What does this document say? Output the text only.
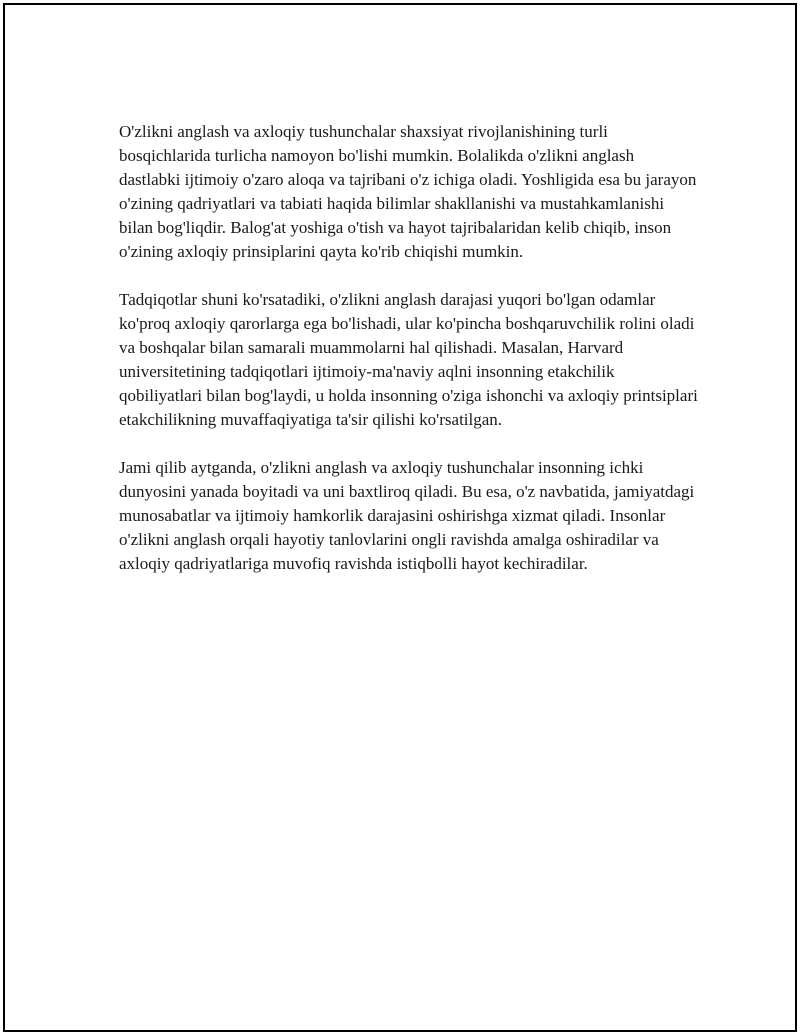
O'zlikni anglash va axloqiy tushunchalar shaxsiyat rivojlanishining turli bosqichlarida turlicha namoyon bo'lishi mumkin. Bolalikda o'zlikni anglash dastlabki ijtimoiy o'zaro aloqa va tajribani o'z ichiga oladi. Yoshligida esa bu jarayon o'zining qadriyatlari va tabiati haqida bilimlar shakllanishi va mustahkamlanishi bilan bog'liqdir. Balog'at yoshiga o'tish va hayot tajribalaridan kelib chiqib, inson o'zining axloqiy prinsiplarini qayta ko'rib chiqishi mumkin.

Tadqiqotlar shuni ko'rsatadiki, o'zlikni anglash darajasi yuqori bo'lgan odamlar ko'proq axloqiy qarorlarga ega bo'lishadi, ular ko'pincha boshqaruvchilik rolini oladi va boshqalar bilan samarali muammolarni hal qilishadi. Masalan, Harvard universitetining tadqiqotlari ijtimoiy-ma'naviy aqlni insonning etakchilik qobiliyatlari bilan bog'laydi, u holda insonning o'ziga ishonchi va axloqiy printsiplari etakchilikning muvaffaqiyatiga ta'sir qilishi ko'rsatilgan.

Jami qilib aytganda, o'zlikni anglash va axloqiy tushunchalar insonning ichki dunyosini yanada boyitadi va uni baxtliroq qiladi. Bu esa, o'z navbatida, jamiyatdagi munosabatlar va ijtimoiy hamkorlik darajasini oshirishga xizmat qiladi. Insonlar o'zlikni anglash orqali hayotiy tanlovlarini ongli ravishda amalga oshiradilar va axloqiy qadriyatlariga muvofiq ravishda istiqbolli hayot kechiradilar.
